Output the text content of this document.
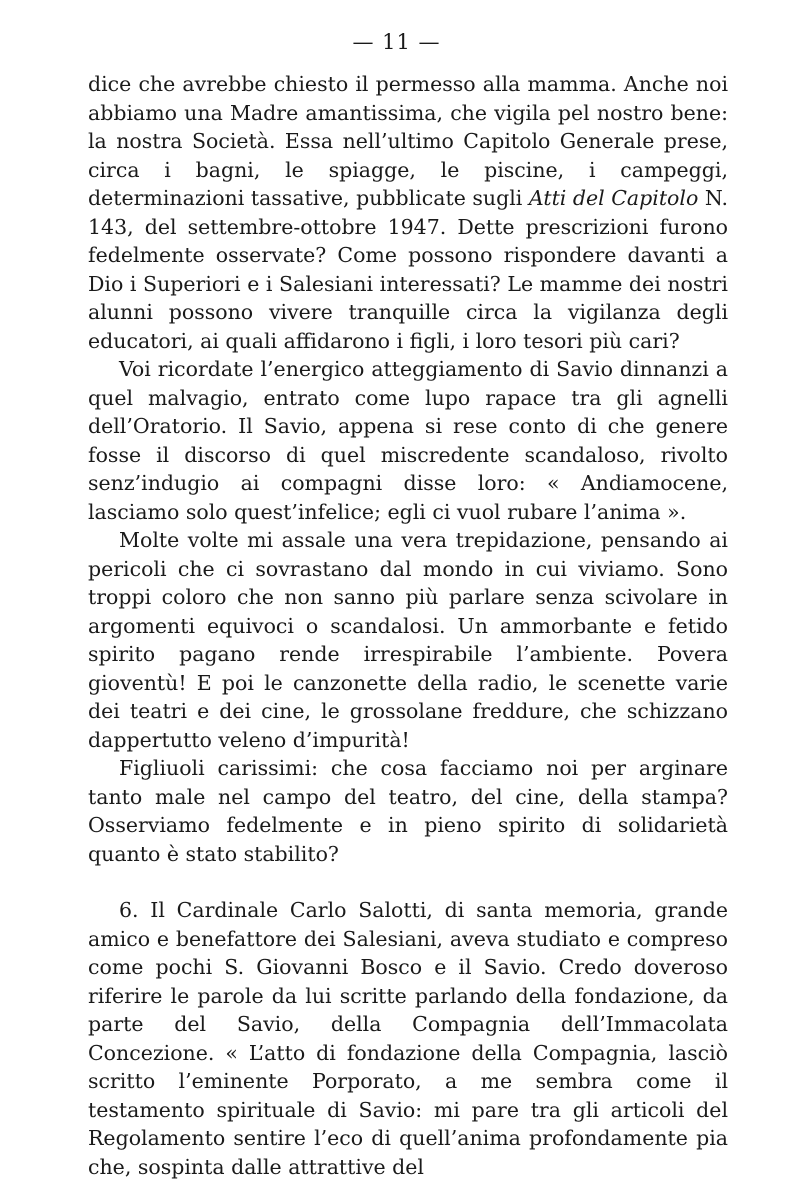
— 11 —

dice che avrebbe chiesto il permesso alla mamma. Anche noi abbiamo una Madre amantissima, che vigila pel nostro bene: la nostra Società. Essa nell’ultimo Capitolo Generale prese, circa i bagni, le spiagge, le piscine, i campeggi, determinazioni tassative, pubblicate sugli Atti del Capitolo N. 143, del settembre-ottobre 1947. Dette prescrizioni furono fedelmente osservate? Come possono rispondere davanti a Dio i Superiori e i Salesiani interessati? Le mamme dei nostri alunni possono vivere tranquille circa la vigilanza degli educatori, ai quali affidarono i figli, i loro tesori più cari?

Voi ricordate l’energico atteggiamento di Savio dinnanzi a quel malvagio, entrato come lupo rapace tra gli agnelli dell’Oratorio. Il Savio, appena si rese conto di che genere fosse il discorso di quel miscredente scandaloso, rivolto senz’indugio ai compagni disse loro: « Andiamocene, lasciamo solo quest’infelice; egli ci vuol rubare l’anima ».

Molte volte mi assale una vera trepidazione, pensando ai pericoli che ci sovrastano dal mondo in cui viviamo. Sono troppi coloro che non sanno più parlare senza scivolare in argomenti equivoci o scandalosi. Un ammorbante e fetido spirito pagano rende irrespirabile l’ambiente. Povera gioventù! E poi le canzonette della radio, le scenette varie dei teatri e dei cine, le grossolane freddure, che schizzano dappertutto veleno d’impurità!

Figliuoli carissimi: che cosa facciamo noi per arginare tanto male nel campo del teatro, del cine, della stampa? Osserviamo fedelmente e in pieno spirito di solidarietà quanto è stato stabilito?

6. Il Cardinale Carlo Salotti, di santa memoria, grande amico e benefattore dei Salesiani, aveva studiato e compreso come pochi S. Giovanni Bosco e il Savio. Credo doveroso riferire le parole da lui scritte parlando della fondazione, da parte del Savio, della Compagnia dell’Immacolata Concezione. « L’atto di fondazione della Compagnia, lasciò scritto l’eminente Porporato, a me sembra come il testamento spirituale di Savio: mi pare tra gli articoli del Regolamento sentire l’eco di quell’anima profondamente pia che, sospinta dalle attrattive del
